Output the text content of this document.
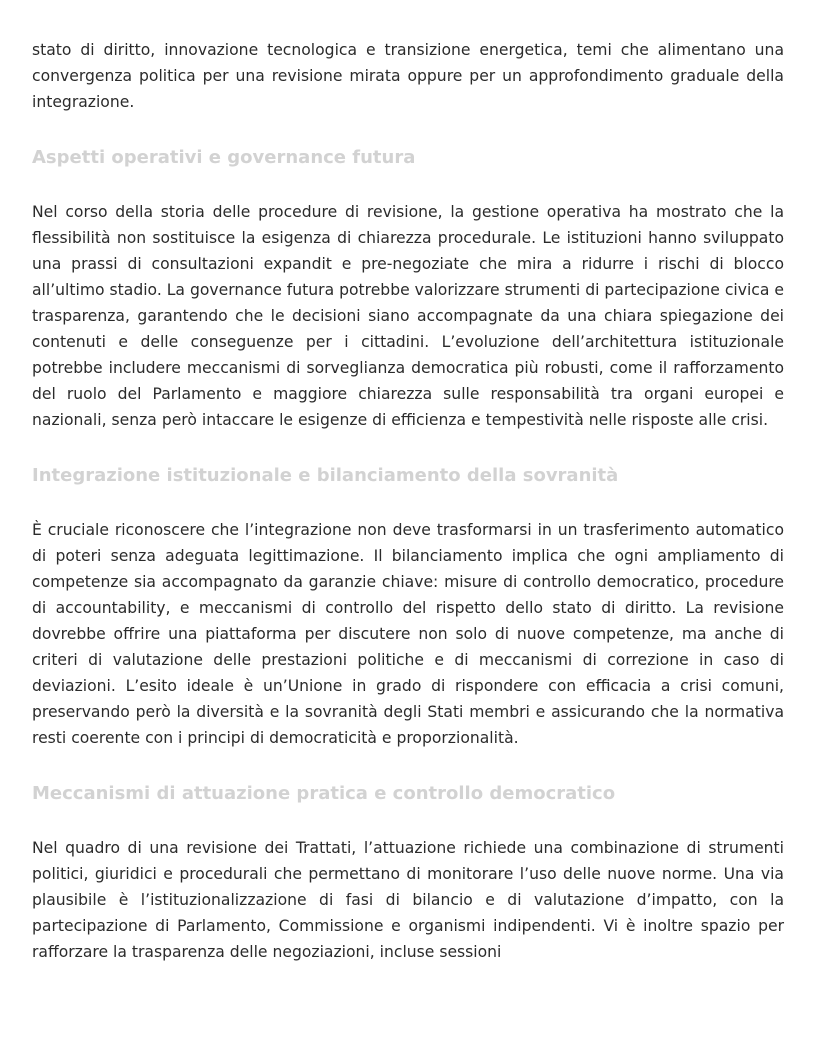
stato di diritto, innovazione tecnologica e transizione energetica, temi che alimentano una convergenza politica per una revisione mirata oppure per un approfondimento graduale della integrazione.

Aspetti operativi e governance futura

Nel corso della storia delle procedure di revisione, la gestione operativa ha mostrato che la flessibilità non sostituisce la esigenza di chiarezza procedurale. Le istituzioni hanno sviluppato una prassi di consultazioni expandit e pre-negoziate che mira a ridurre i rischi di blocco all’ultimo stadio. La governance futura potrebbe valorizzare strumenti di partecipazione civica e trasparenza, garantendo che le decisioni siano accompagnate da una chiara spiegazione dei contenuti e delle conseguenze per i cittadini. L’evoluzione dell’architettura istituzionale potrebbe includere meccanismi di sorveglianza democratica più robusti, come il rafforzamento del ruolo del Parlamento e maggiore chiarezza sulle responsabilità tra organi europei e nazionali, senza però intaccare le esigenze di efficienza e tempestività nelle risposte alle crisi.

Integrazione istituzionale e bilanciamento della sovranità

È cruciale riconoscere che l’integrazione non deve trasformarsi in un trasferimento automatico di poteri senza adeguata legittimazione. Il bilanciamento implica che ogni ampliamento di competenze sia accompagnato da garanzie chiave: misure di controllo democratico, procedure di accountability, e meccanismi di controllo del rispetto dello stato di diritto. La revisione dovrebbe offrire una piattaforma per discutere non solo di nuove competenze, ma anche di criteri di valutazione delle prestazioni politiche e di meccanismi di correzione in caso di deviazioni. L’esito ideale è un’Unione in grado di rispondere con efficacia a crisi comuni, preservando però la diversità e la sovranità degli Stati membri e assicurando che la normativa resti coerente con i principi di democraticità e proporzionalità.

Meccanismi di attuazione pratica e controllo democratico

Nel quadro di una revisione dei Trattati, l’attuazione richiede una combinazione di strumenti politici, giuridici e procedurali che permettano di monitorare l’uso delle nuove norme. Una via plausibile è l’istituzionalizzazione di fasi di bilancio e di valutazione d’impatto, con la partecipazione di Parlamento, Commissione e organismi indipendenti. Vi è inoltre spazio per rafforzare la trasparenza delle negoziazioni, incluse sessioni
